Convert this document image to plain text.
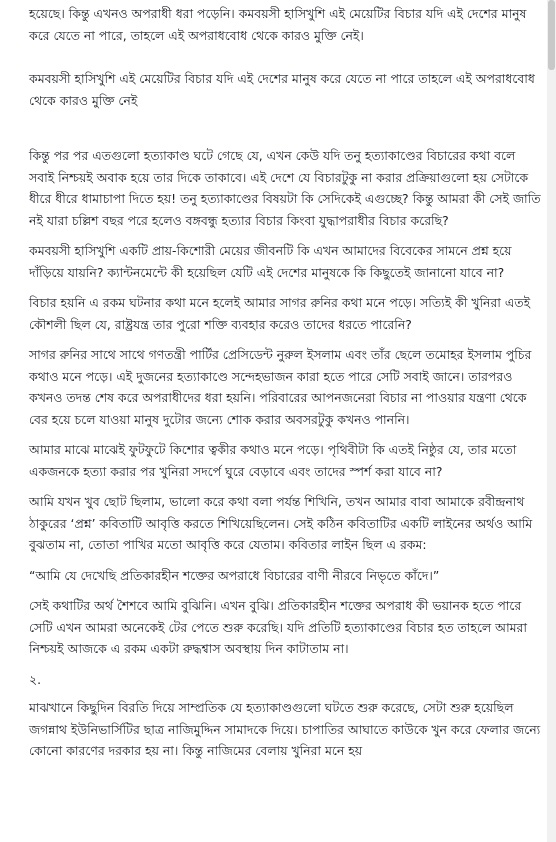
হয়েছে। কিন্তু এখনও অপরাধী ধরা পড়েনি। কমবয়সী হাসিখুশি এই মেয়েটির বিচার যদি এই দেশের মানুষ করে যেতে না পারে, তাহলে এই অপরাধবোধ থেকে কারও মুক্তি নেই।

কমবয়সী হাসিখুশি এই মেয়েটির বিচার যদি এই দেশের মানুষ করে যেতে না পারে তাহলে এই অপরাধবোধ থেকে কারও মুক্তি নেই

কিন্তু পর পর এতগুলো হত্যাকাণ্ড ঘটে গেছে যে, এখন কেউ যদি তনু হত্যাকাণ্ডের বিচারের কথা বলে সবাই নিশ্চয়ই অবাক হয়ে তার দিকে তাকাবে। এই দেশে যে বিচারটুকু না করার প্রক্রিয়াগুলো হয় সেটাকে ধীরে ধীরে ধামাচাপা দিতে হয়! তনু হত্যাকাণ্ডের বিষয়টা কি সেদিকেই এগুচ্ছে? কিন্তু আমরা কী সেই জাতি নই যারা চল্লিশ বছর পরে হলেও বঙ্গবন্ধু হত্যার বিচার কিংবা যুদ্ধাপরাধীর বিচার করেছি?

কমবয়সী হাসিখুশি একটি প্রায়-কিশোরী মেয়ের জীবনটি কি এখন আমাদের বিবেকের সামনে প্রশ্ন হয়ে দাঁড়িয়ে যায়নি? ক্যান্টনমেন্টে কী হয়েছিল যেটি এই দেশের মানুষকে কি কিছুতেই জানানো যাবে না?

বিচার হয়নি এ রকম ঘটনার কথা মনে হলেই আমার সাগর রুনির কথা মনে পড়ে। সত্যিই কী খুনিরা এতই কৌশলী ছিল যে, রাষ্ট্রযন্ত্র তার পুরো শক্তি ব্যবহার করেও তাদের ধরতে পারেনি?

সাগর রুনির সাথে সাথে গণতন্ত্রী পার্টির প্রেসিডেন্ট নুরুল ইসলাম এবং তাঁর ছেলে তমোহর ইসলাম পুচির কথাও মনে পড়ে। এই দুজনের হত্যাকাণ্ডে সন্দেহভাজন কারা হতে পারে সেটি সবাই জানে। তারপরও কখনও তদন্ত শেষ করে অপরাধীদের ধরা হয়নি। পরিবারের আপনজনেরা বিচার না পাওয়ার যন্ত্রণা থেকে বের হয়ে চলে যাওয়া মানুষ দুটোর জন্যে শোক করার অবসরটুকু কখনও পাননি।

আমার মাঝে মাঝেই ফুটফুটে কিশোর ত্বকীর কথাও মনে পড়ে। পৃথিবীটা কি এতই নিষ্ঠুর যে, তার মতো একজনকে হত্যা করার পর খুনিরা সদর্পে ঘুরে বেড়াবে এবং তাদের স্পর্শ করা যাবে না?

আমি যখন খুব ছোট ছিলাম, ভালো করে কথা বলা পর্যন্ত শিখিনি, তখন আমার বাবা আমাকে রবীন্দ্রনাথ ঠাকুরের ‘প্রশ্ন’ কবিতাটি আবৃত্তি করতে শিখিয়েছিলেন। সেই কঠিন কবিতাটির একটি লাইনের অর্থও আমি বুঝতাম না, তোতা পাখির মতো আবৃত্তি করে যেতাম। কবিতার লাইন ছিল এ রকম:

“আমি যে দেখেছি প্রতিকারহীন শক্তের অপরাধে বিচারের বাণী নীরবে নিভৃতে কাঁদে।”

সেই কথাটির অর্থ শৈশবে আমি বুঝিনি। এখন বুঝি। প্রতিকারহীন শক্তের অপরাধ কী ভয়ানক হতে পারে সেটি এখন আমরা অনেকেই টের পেতে শুরু করেছি। যদি প্রতিটি হত্যাকাণ্ডের বিচার হত তাহলে আমরা নিশ্চয়ই আজকে এ রকম একটা রুদ্ধশ্বাস অবস্থায় দিন কাটাতাম না।

২.

মাঝখানে কিছুদিন বিরতি দিয়ে সাম্প্রতিক যে হত্যাকাণ্ডগুলো ঘটতে শুরু করেছে, সেটা শুরু হয়েছিল জগন্নাথ ইউনিভার্সিটির ছাত্র নাজিমুদ্দিন সামাদকে দিয়ে। চাপাতির আঘাতে কাউকে খুন করে ফেলার জন্যে কোনো কারণের দরকার হয় না। কিন্তু নাজিমের বেলায় খুনিরা মনে হয়
